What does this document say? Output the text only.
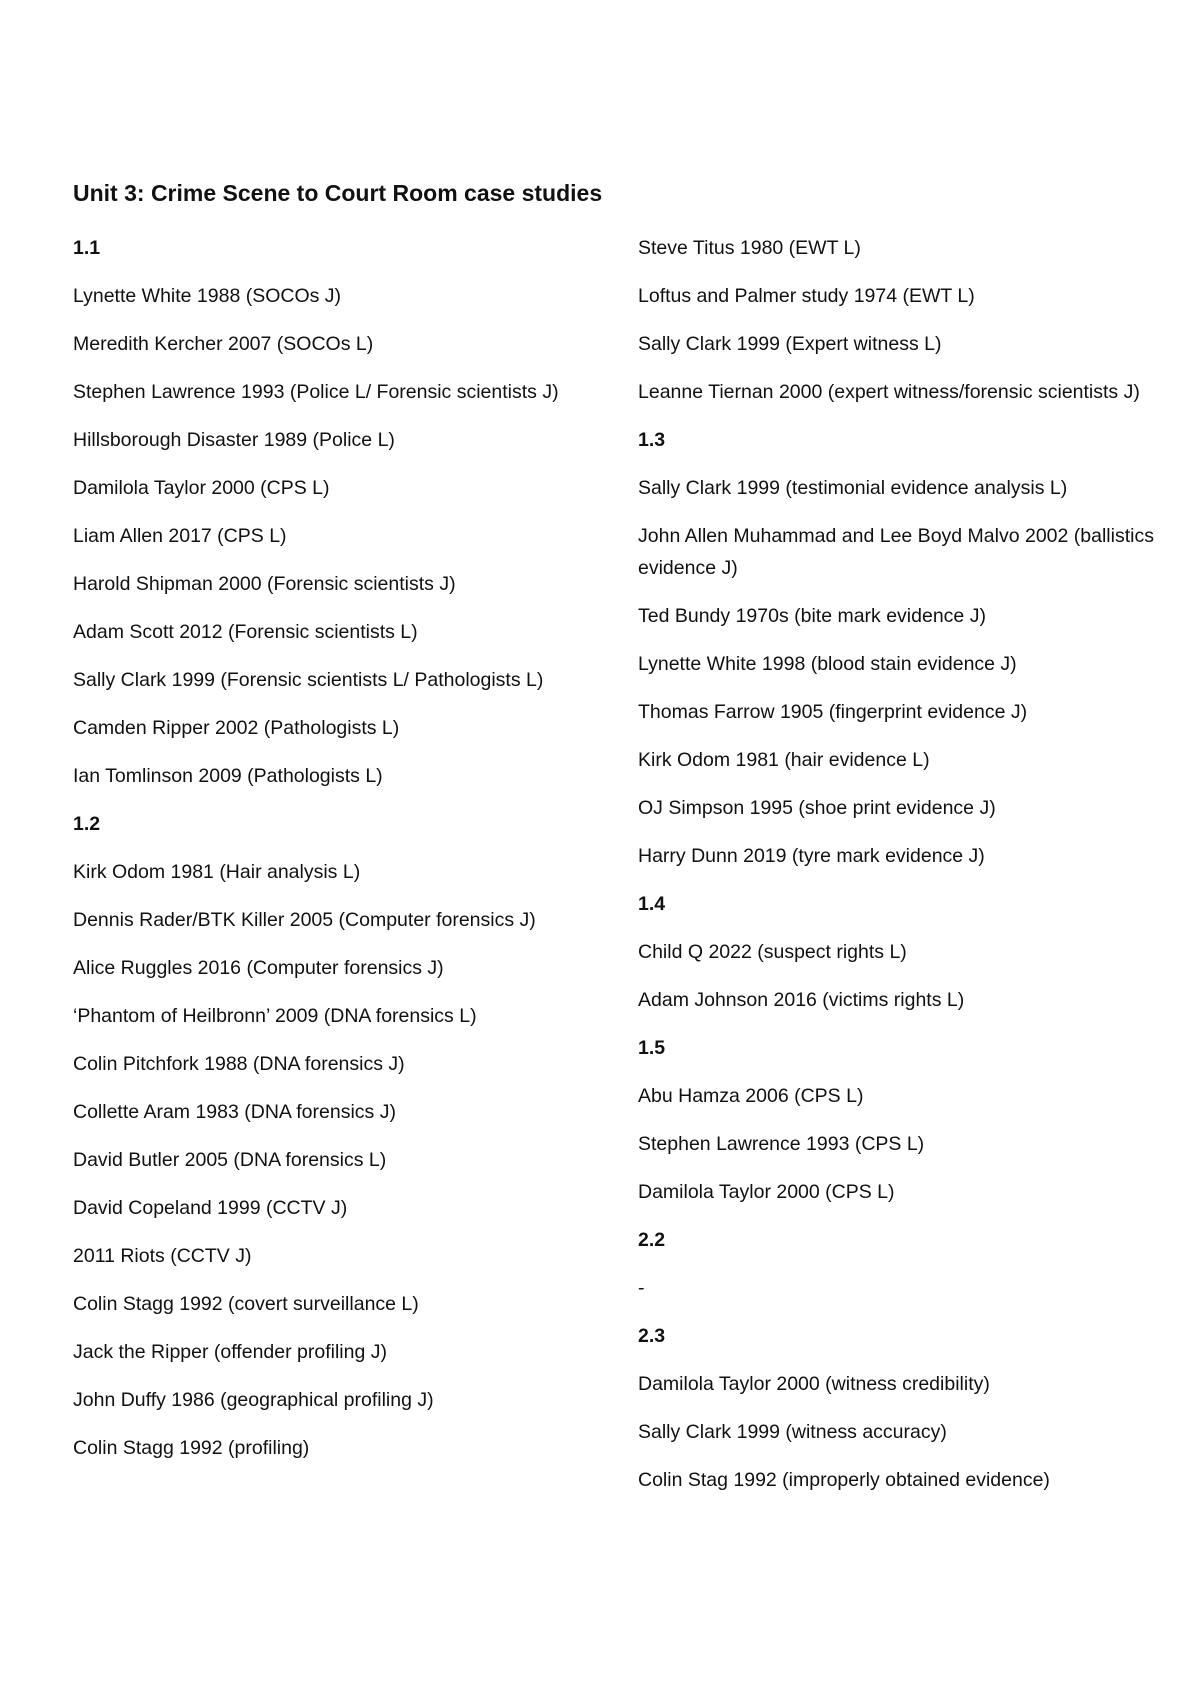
Unit 3: Crime Scene to Court Room case studies

1.1

Lynette White 1988 (SOCOs J)

Meredith Kercher 2007 (SOCOs L)

Stephen Lawrence 1993 (Police L/ Forensic scientists J)

Hillsborough Disaster 1989 (Police L)

Damilola Taylor 2000 (CPS L)

Liam Allen 2017 (CPS L)

Harold Shipman 2000 (Forensic scientists J)

Adam Scott 2012 (Forensic scientists L)

Sally Clark 1999 (Forensic scientists L/ Pathologists L)

Camden Ripper 2002 (Pathologists L)

Ian Tomlinson 2009 (Pathologists L)

1.2

Kirk Odom 1981 (Hair analysis L)

Dennis Rader/BTK Killer 2005 (Computer forensics J)

Alice Ruggles 2016 (Computer forensics J)

‘Phantom of Heilbronn’ 2009 (DNA forensics L)

Colin Pitchfork 1988 (DNA forensics J)

Collette Aram 1983 (DNA forensics J)

David Butler 2005 (DNA forensics L)

David Copeland 1999 (CCTV J)

2011 Riots (CCTV J)

Colin Stagg 1992 (covert surveillance L)

Jack the Ripper (offender profiling J)

John Duffy 1986 (geographical profiling J)

Colin Stagg 1992 (profiling)

Steve Titus 1980 (EWT L)

Loftus and Palmer study 1974 (EWT L)

Sally Clark 1999 (Expert witness L)

Leanne Tiernan 2000 (expert witness/forensic scientists J)

1.3

Sally Clark 1999 (testimonial evidence analysis L)

John Allen Muhammad and Lee Boyd Malvo 2002 (ballistics evidence J)

Ted Bundy 1970s (bite mark evidence J)

Lynette White 1998 (blood stain evidence J)

Thomas Farrow 1905 (fingerprint evidence J)

Kirk Odom 1981 (hair evidence L)

OJ Simpson 1995 (shoe print evidence J)

Harry Dunn 2019 (tyre mark evidence J)

1.4

Child Q 2022 (suspect rights L)

Adam Johnson 2016 (victims rights L)

1.5

Abu Hamza 2006 (CPS L)

Stephen Lawrence 1993 (CPS L)

Damilola Taylor 2000 (CPS L)

2.2

-

2.3

Damilola Taylor 2000 (witness credibility)

Sally Clark 1999 (witness accuracy)

Colin Stag 1992 (improperly obtained evidence)
